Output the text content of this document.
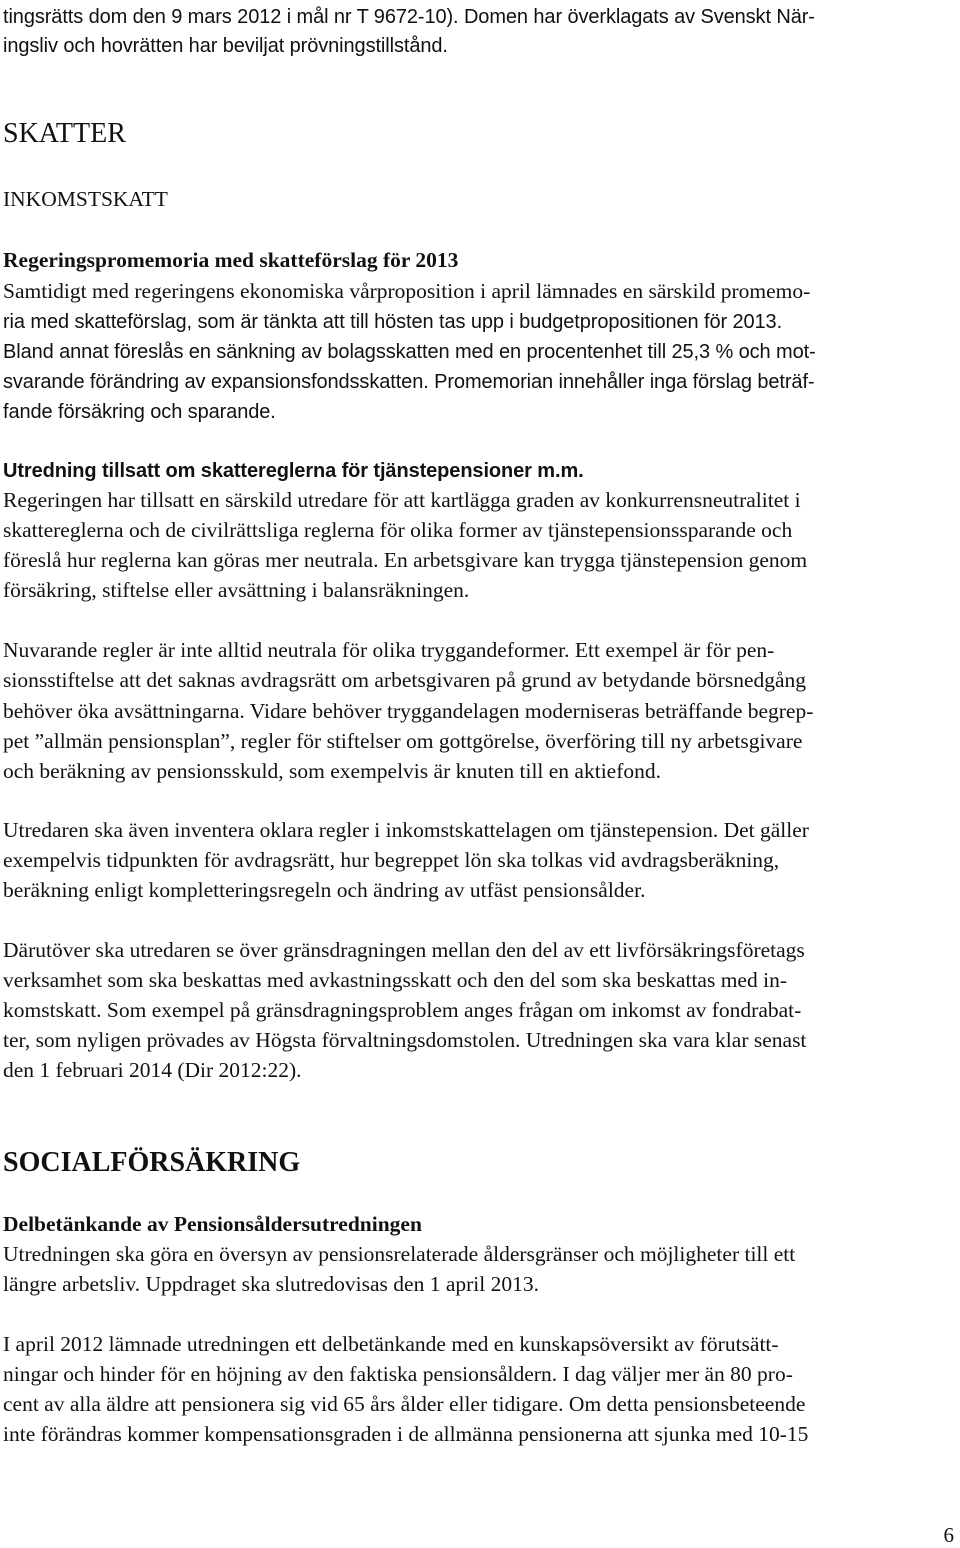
tingsrätts dom den 9 mars 2012 i mål nr T 9672-10). Domen har överklagats av Svenskt När-
ingsliv och hovrätten har beviljat prövningstillstånd.
SKATTER
INKOMSTSKATT
Regeringspromemoria med skatteförslag för 2013
Samtidigt med regeringens ekonomiska vårproposition i april lämnades en särskild promemo-
ria med skatteförslag, som är tänkta att till hösten tas upp i budgetpropositionen för 2013.
Bland annat föreslås en sänkning av bolagsskatten med en procentenhet till 25,3 % och mot-
svarande förändring av expansionsfondsskatten. Promemorian innehåller inga förslag beträf-
fande försäkring och sparande.
Utredning tillsatt om skattereglerna för tjänstepensioner m.m.
Regeringen har tillsatt en särskild utredare för att kartlägga graden av konkurrensneutralitet i
skattereglerna och de civilrättsliga reglerna för olika former av tjänstepensionssparande och
föreslå hur reglerna kan göras mer neutrala. En arbetsgivare kan trygga tjänstepension genom
försäkring, stiftelse eller avsättning i balansräkningen.
Nuvarande regler är inte alltid neutrala för olika tryggandeformer. Ett exempel är för pen-
sionsstiftelse att det saknas avdragsrätt om arbetsgivaren på grund av betydande börsnedgång
behöver öka avsättningarna. Vidare behöver tryggandelagen moderniseras beträffande begrep-
pet ”allmän pensionsplan”, regler för stiftelser om gottgörelse, överföring till ny arbetsgivare
och beräkning av pensionsskuld, som exempelvis är knuten till en aktiefond.
Utredaren ska även inventera oklara regler i inkomstskattelagen om tjänstepension. Det gäller
exempelvis tidpunkten för avdragsrätt, hur begreppet lön ska tolkas vid avdragsberäkning,
beräkning enligt kompletteringsregeln och ändring av utfäst pensionsålder.
Därutöver ska utredaren se över gränsdragningen mellan den del av ett livförsäkringsföretags
verksamhet som ska beskattas med avkastningsskatt och den del som ska beskattas med in-
komstskatt. Som exempel på gränsdragningsproblem anges frågan om inkomst av fondrabat-
ter, som nyligen prövades av Högsta förvaltningsdomstolen. Utredningen ska vara klar senast
den 1 februari 2014 (Dir 2012:22).
SOCIALFÖRSÄKRING
Delbetänkande av Pensionsåldersutredningen
Utredningen ska göra en översyn av pensionsrelaterade åldersgränser och möjligheter till ett
längre arbetsliv. Uppdraget ska slutredovisas den 1 april 2013.
I april 2012 lämnade utredningen ett delbetänkande med en kunskapsöversikt av förutsätt-
ningar och hinder för en höjning av den faktiska pensionsåldern. I dag väljer mer än 80 pro-
cent av alla äldre att pensionera sig vid 65 års ålder eller tidigare. Om detta pensionsbeteende
inte förändras kommer kompensationsgraden i de allmänna pensionerna att sjunka med 10-15
6
